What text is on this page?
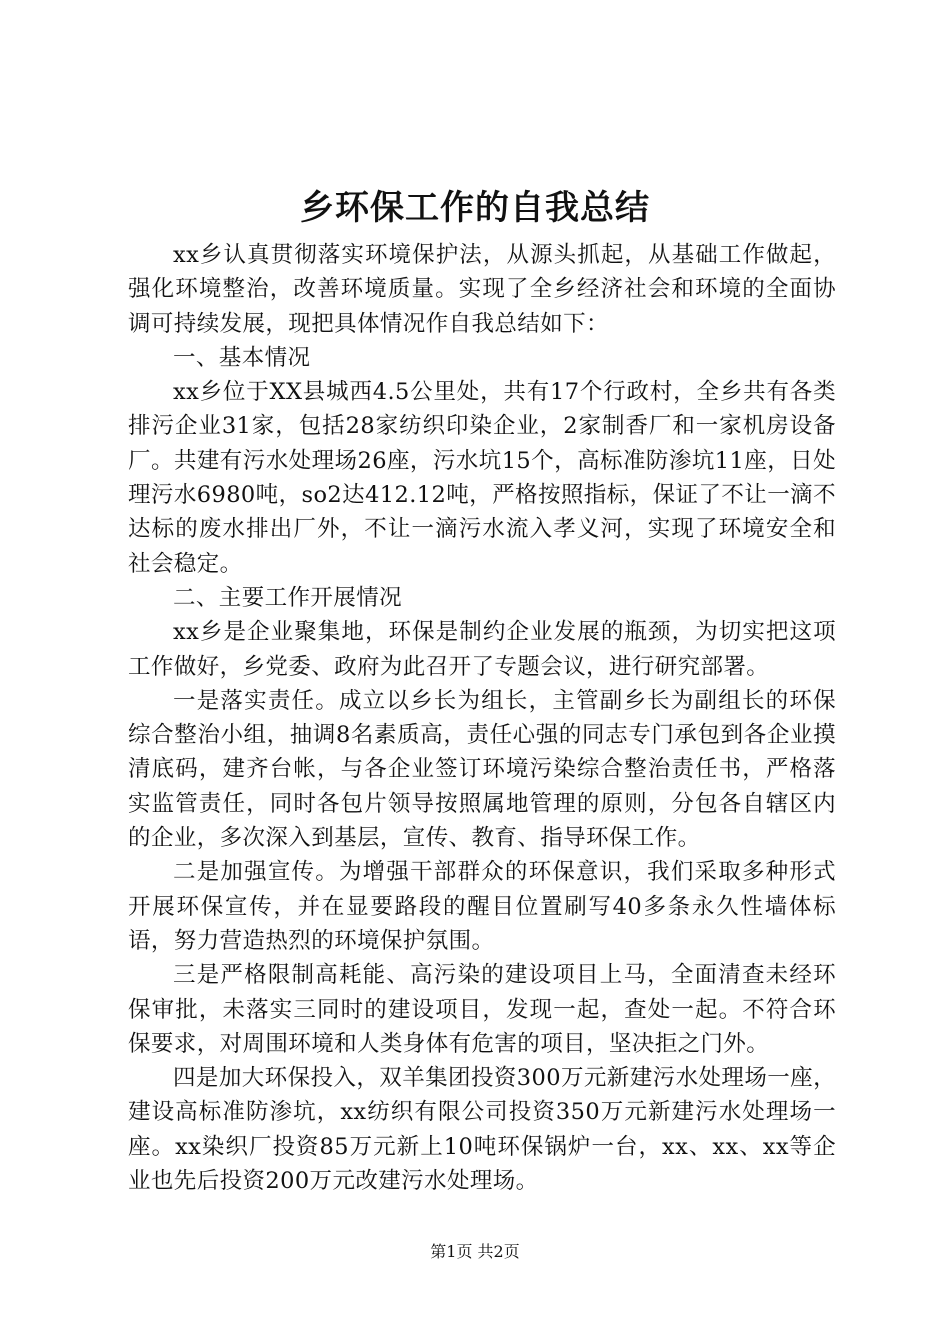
乡环保工作的自我总结

xx乡认真贯彻落实环境保护法，从源头抓起，从基础工作做起，强化环境整治，改善环境质量。实现了全乡经济社会和环境的全面协调可持续发展，现把具体情况作自我总结如下：

一、基本情况

xx乡位于XX县城西4.5公里处，共有17个行政村，全乡共有各类排污企业31家，包括28家纺织印染企业，2家制香厂和一家机房设备厂。共建有污水处理场26座，污水坑15个，高标准防渗坑11座，日处理污水6980吨，so2达412.12吨，严格按照指标，保证了不让一滴不达标的废水排出厂外，不让一滴污水流入孝义河，实现了环境安全和社会稳定。

二、主要工作开展情况

xx乡是企业聚集地，环保是制约企业发展的瓶颈，为切实把这项工作做好，乡党委、政府为此召开了专题会议，进行研究部署。

一是落实责任。成立以乡长为组长，主管副乡长为副组长的环保综合整治小组，抽调8名素质高，责任心强的同志专门承包到各企业摸清底码，建齐台帐，与各企业签订环境污染综合整治责任书，严格落实监管责任，同时各包片领导按照属地管理的原则，分包各自辖区内的企业，多次深入到基层，宣传、教育、指导环保工作。

二是加强宣传。为增强干部群众的环保意识，我们采取多种形式开展环保宣传，并在显要路段的醒目位置刷写40多条永久性墙体标语，努力营造热烈的环境保护氛围。

三是严格限制高耗能、高污染的建设项目上马，全面清查未经环保审批，未落实三同时的建设项目，发现一起，查处一起。不符合环保要求，对周围环境和人类身体有危害的项目，坚决拒之门外。

四是加大环保投入，双羊集团投资300万元新建污水处理场一座，建设高标准防渗坑，xx纺织有限公司投资350万元新建污水处理场一座。xx染织厂投资85万元新上10吨环保锅炉一台，xx、xx、xx等企业也先后投资200万元改建污水处理场。

第1页 共2页
